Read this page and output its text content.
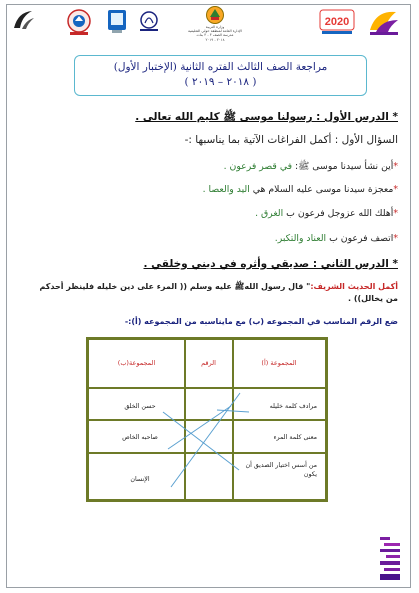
وزارة التربية
الإدارة العامة لمنطقة حولي التعليمية
مدرسة الصف ٣ - ٣ بنات
٢٠١٨ - ٢٠١٩
2020
مراجعة الصف الثالث الفتره الثانية (الإختبار الأول)
( ٢٠١٨ – ٢٠١٩ )
* الدرس الأول : رسولنا موسى ﷺ كليم الله تعالى .
السؤال الأول : أكمل الفراغات الآتية بما يناسبها :-
*أين نشأ سيدنا موسى ﷺ: في قصر فرعون .
*معجزة سيدنا موسى عليه السلام هي اليد والعصا .
*أهلك الله عزوجل فرعون ب الغرق .
*اتصف فرعون ب العناد والتكبر.
* الدرس الثاني : صديقي وأثره في ديني وخلقي .
أكمل الحديث الشريف:" قال رسول اللهﷺ عليه وسلم (( المرء على دين خليله فلينظر أحدكم من يخالل)) .
ضع الرقم المناسب في المجموعه (ب) مع مايناسبه من المجموعه (أ):-
المجموعة (أ)
الرقم
المجموعة(ب)
مرادف كلمة خليله
معنى كلمة المرء
من أسس اختيار الصديق أن يكون
حسن الخلق
صاحبه الخاص
الإنسان
